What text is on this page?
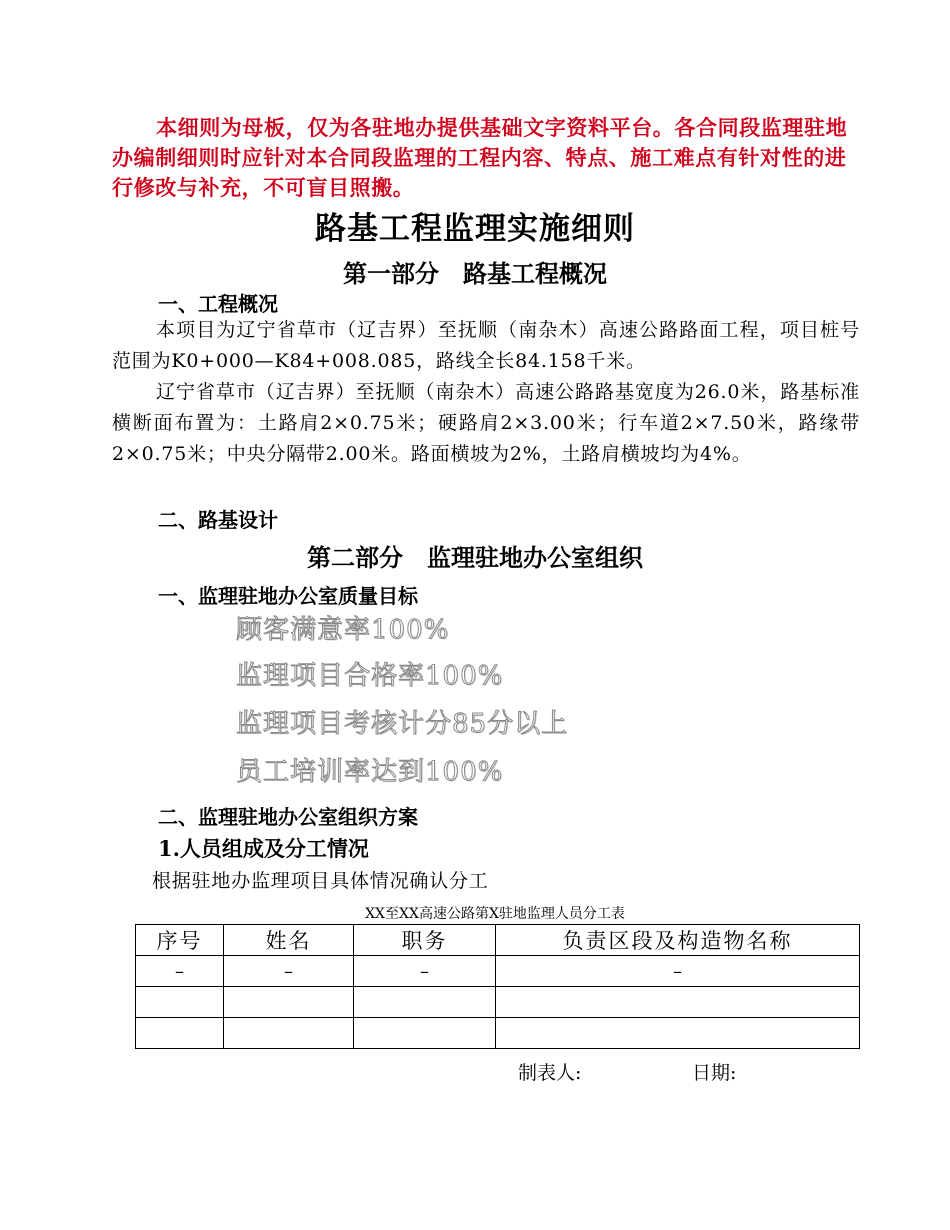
本细则为母板，仅为各驻地办提供基础文字资料平台。各合同段监理驻地办编制细则时应针对本合同段监理的工程内容、特点、施工难点有针对性的进行修改与补充，不可盲目照搬。

路基工程监理实施细则
第一部分　路基工程概况
一、工程概况

本项目为辽宁省草市（辽吉界）至抚顺（南杂木）高速公路路面工程，项目桩号范围为K0+000—K84+008.085，路线全长84.158千米。

辽宁省草市（辽吉界）至抚顺（南杂木）高速公路路基宽度为26.0米，路基标准横断面布置为：土路肩2×0.75米；硬路肩2×3.00米；行车道2×7.50米，路缘带2×0.75米；中央分隔带2.00米。路面横坡为2%，土路肩横坡均为4%。

二、路基设计
第二部分　监理驻地办公室组织
一、监理驻地办公室质量目标

顾客满意率100%

监理项目合格率100%

监理项目考核计分85分以上

员工培训率达到100%

二、监理驻地办公室组织方案
1.人员组成及分工情况

根据驻地办监理项目具体情况确认分工

XX至XX高速公路第X驻地监理人员分工表

序号	姓名	职务	负责区段及构造物名称
–	–	–	–

制表人:	日期:
